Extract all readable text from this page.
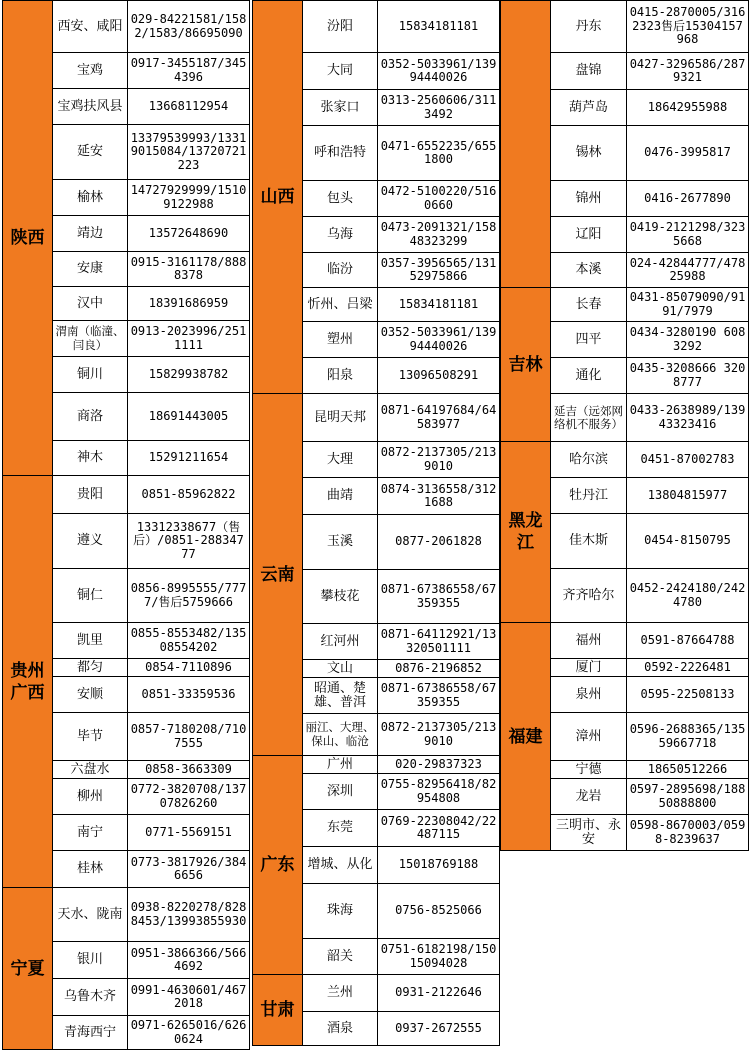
陕西	西安、咸阳	029-84221581/1582/1583/86695090
	宝鸡	0917-3455187/3454396
	宝鸡扶风县	13668112954
	延安	13379539993/13319015084/13720721223
	榆林	14727929999/15109122988
	靖边	13572648690
	安康	0915-3161178/8888378
	汉中	18391686959
	渭南（临潼、闫良）	0913-2023996/2511111
	铜川	15829938782
	商洛	18691443005
	神木	15291211654
贵州广西	贵阳	0851-85962822
	遵义	13312338677（售后）/0851-28834777
	铜仁	0856-8995555/7777/售后5759666
	凯里	0855-8553482/13508554202
	都匀	0854-7110896
	安顺	0851-33359536
	毕节	0857-7180208/7107555
	六盘水	0858-3663309
	柳州	0772-3820708/13707826260
	南宁	0771-5569151
	桂林	0773-3817926/3846656
宁夏	天水、陇南	0938-8220278/8288453/13993855930
	银川	0951-3866366/5664692
	乌鲁木齐	0991-4630601/4672018
	青海西宁	0971-6265016/6260624
山西	汾阳	15834181181
	大同	0352-5033961/13994440026
	张家口	0313-2560606/3113492
	呼和浩特	0471-6552235/6551800
	包头	0472-5100220/5160660
	乌海	0473-2091321/15848323299
	临汾	0357-3956565/13152975866
	忻州、吕梁	15834181181
	塑州	0352-5033961/13994440026
	阳泉	13096508291
云南	昆明天邦	0871-64197684/64583977
	大理	0872-2137305/2139010
	曲靖	0874-3136558/3121688
	玉溪	0877-2061828
	攀枝花	0871-67386558/67359355
	红河州	0871-64112921/13320501111
	文山	0876-2196852
	昭通、楚雄、普洱	0871-67386558/67359355
	丽江、大理、保山、临沧	0872-2137305/2139010
广东	广州	020-29837323
	深圳	0755-82956418/82954808
	东莞	0769-22308042/22487115
	增城、从化	15018769188
	珠海	0756-8525066
	韶关	0751-6182198/15015094028
甘肃	兰州	0931-2122646
	酒泉	0937-2672555
	丹东	0415-2870005/3162323售后15304157968
	盘锦	0427-3296586/2879321
	葫芦岛	18642955988
	锡林	0476-3995817
	锦州	0416-2677890
	辽阳	0419-2121298/3235668
	本溪	024-42844777/47825988
吉林	长春	0431-85079090/9191/7979
	四平	0434-3280190 6083292
	通化	0435-3208666 3208777
	延吉（远郊网络机不服务）	0433-2638989/13943323416
黑龙江	哈尔滨	0451-87002783
	牡丹江	13804815977
	佳木斯	0454-8150795
	齐齐哈尔	0452-2424180/2424780
福建	福州	0591-87664788
	厦门	0592-2226481
	泉州	0595-22508133
	漳州	0596-2688365/13559667718
	宁德	18650512266
	龙岩	0597-2895698/18850888800
	三明市、永安	0598-8670003/0598-8239637
